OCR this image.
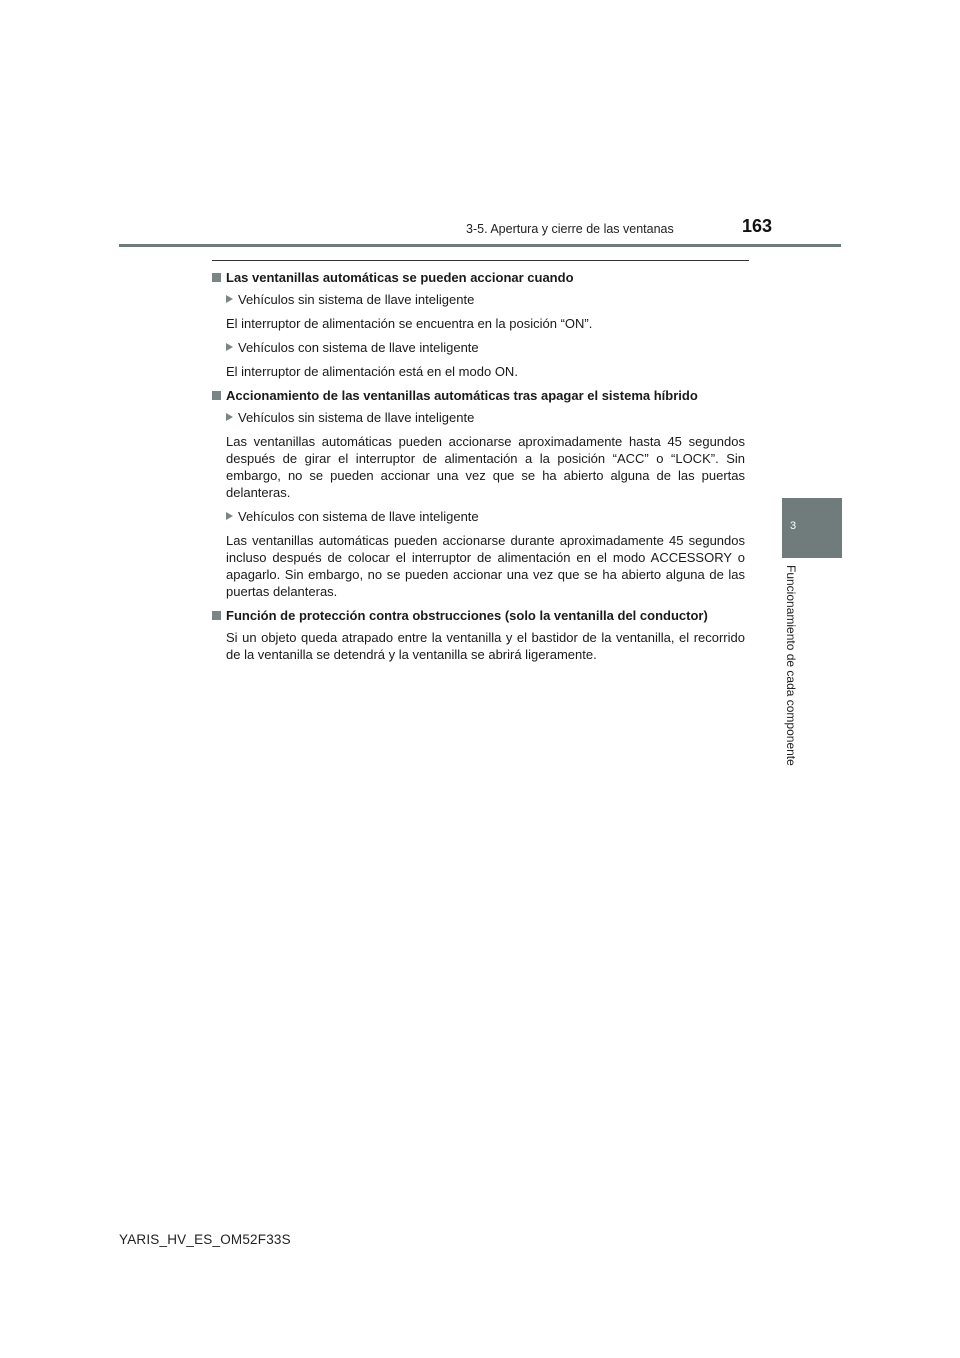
3-5. Apertura y cierre de las ventanas	163
3
Funcionamiento de cada componente
Las ventanillas automáticas se pueden accionar cuando
Vehículos sin sistema de llave inteligente
El interruptor de alimentación se encuentra en la posición “ON”.
Vehículos con sistema de llave inteligente
El interruptor de alimentación está en el modo ON.
Accionamiento de las ventanillas automáticas tras apagar el sistema híbrido
Vehículos sin sistema de llave inteligente
Las ventanillas automáticas pueden accionarse aproximadamente hasta 45 segundos después de girar el interruptor de alimentación a la posición “ACC” o “LOCK”. Sin embargo, no se pueden accionar una vez que se ha abierto alguna de las puertas delanteras.
Vehículos con sistema de llave inteligente
Las ventanillas automáticas pueden accionarse durante aproximadamente 45 segundos incluso después de colocar el interruptor de alimentación en el modo ACCESSORY o apagarlo. Sin embargo, no se pueden accionar una vez que se ha abierto alguna de las puertas delanteras.
Función de protección contra obstrucciones (solo la ventanilla del conductor)
Si un objeto queda atrapado entre la ventanilla y el bastidor de la ventanilla, el recorrido de la ventanilla se detendrá y la ventanilla se abrirá ligeramente.
YARIS_HV_ES_OM52F33S
